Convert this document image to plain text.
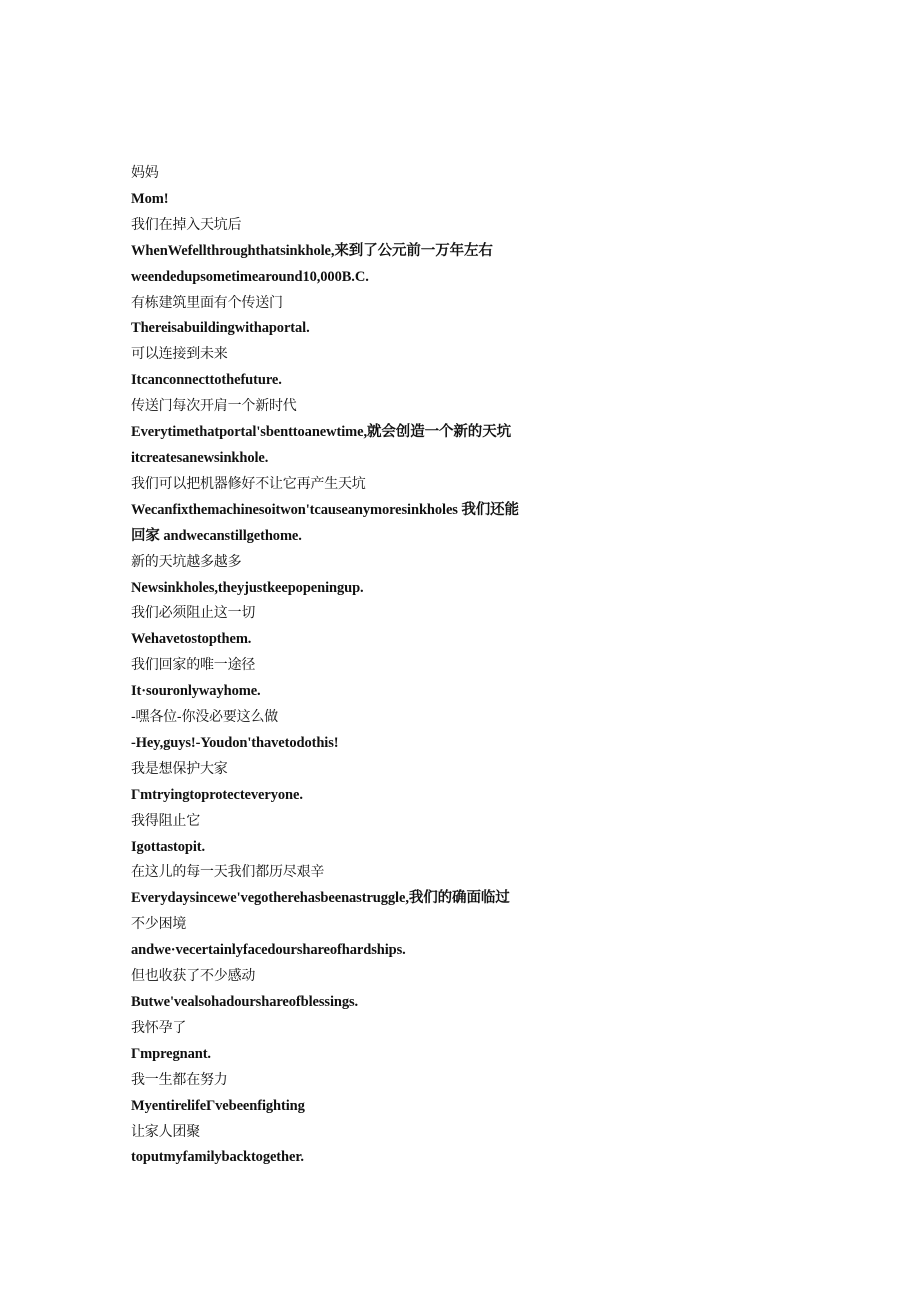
妈妈
Mom!
我们在掉入天坑后
WhenWefellthroughthatsinkhole,来到了公元前一万年左右
weendedupsometimearound10,000B.C.
有栋建筑里面有个传送门
Thereisabuildingwithaportal.
可以连接到未来
Itcanconnecttothefuture.
传送门每次开肩一个新时代
Everytimethatportal'sbenttoanewtime,就会创造一个新的天坑
itcreatesanewsinkhole.
我们可以把机器修好不让它再产生天坑
Wecanfixthemachinesoitwon'tcauseanymoresinkholes 我们还能
回家 andwecanstillgethome.
新的天坑越多越多
Newsinkholes,theyjustkeepopeningup.
我们必须阻止这一切
Wehavetostopthem.
我们回家的唯一途径
It·souronlywayhome.
-嘿各位-你没必要这么做
-Hey,guys!-Youdon'thavetodothis!
我是想保护大家
Γmtryingtoprotecteveryone.
我得阻止它
Igottastopit.
在这儿的每一天我们都历尽艰辛
Everydaysincewe'vegotherehasbeenastruggle,我们的确面临过
不少困境
andwe·vecertainlyfacedourshareofhardships.
但也收获了不少感动
Butwe'vealsohadourshareofblessings.
我怀孕了
Γmpregnant.
我一生都在努力
MyentirelifeΓvebeenfighting
让家人团聚
toputmyfamilybacktogether.
